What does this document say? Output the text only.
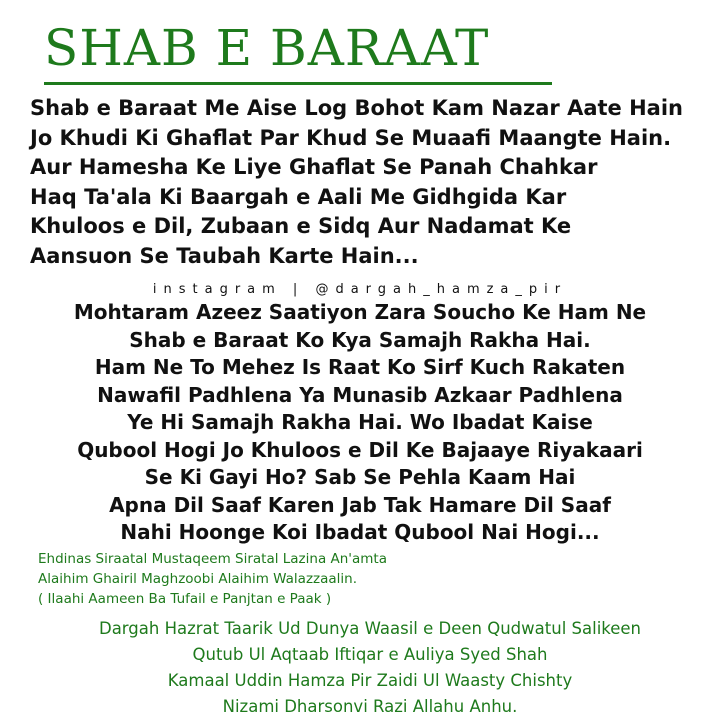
SHAB E BARAAT
Shab e Baraat Me Aise Log Bohot Kam Nazar Aate Hain
Jo Khudi Ki Ghaflat Par Khud Se Muaafi Maangte Hain.
Aur Hamesha Ke Liye Ghaflat Se Panah Chahkar
Haq Ta'ala Ki Baargah e Aali Me Gidhgida Kar
Khuloos e Dil, Zubaan e Sidq Aur Nadamat Ke
Aansuon Se Taubah Karte Hain...
instagram | @dargah_hamza_pir
Mohtaram Azeez Saatiyon Zara Soucho Ke Ham Ne
Shab e Baraat Ko Kya Samajh Rakha Hai.
Ham Ne To Mehez Is Raat Ko Sirf Kuch Rakaten
Nawafil Padhlena Ya Munasib Azkaar Padhlena
Ye Hi Samajh Rakha Hai. Wo Ibadat Kaise
Qubool Hogi Jo Khuloos e Dil Ke Bajaaye Riyakaari
Se Ki Gayi Ho? Sab Se Pehla Kaam Hai
Apna Dil Saaf Karen Jab Tak Hamare Dil Saaf
Nahi Hoonge Koi Ibadat Qubool Nai Hogi...
Ehdinas Siraatal Mustaqeem Siratal Lazina An'amta
Alaihim Ghairil Maghzoobi Alaihim Walazzaalin.
( Ilaahi Aameen Ba Tufail e Panjtan e Paak )
Dargah Hazrat Taarik Ud Dunya Waasil e Deen Qudwatul Salikeen
Qutub Ul Aqtaab Iftiqar e Auliya Syed Shah
Kamaal Uddin Hamza Pir Zaidi Ul Waasty Chishty
Nizami Dharsonvi Razi Allahu Anhu.
